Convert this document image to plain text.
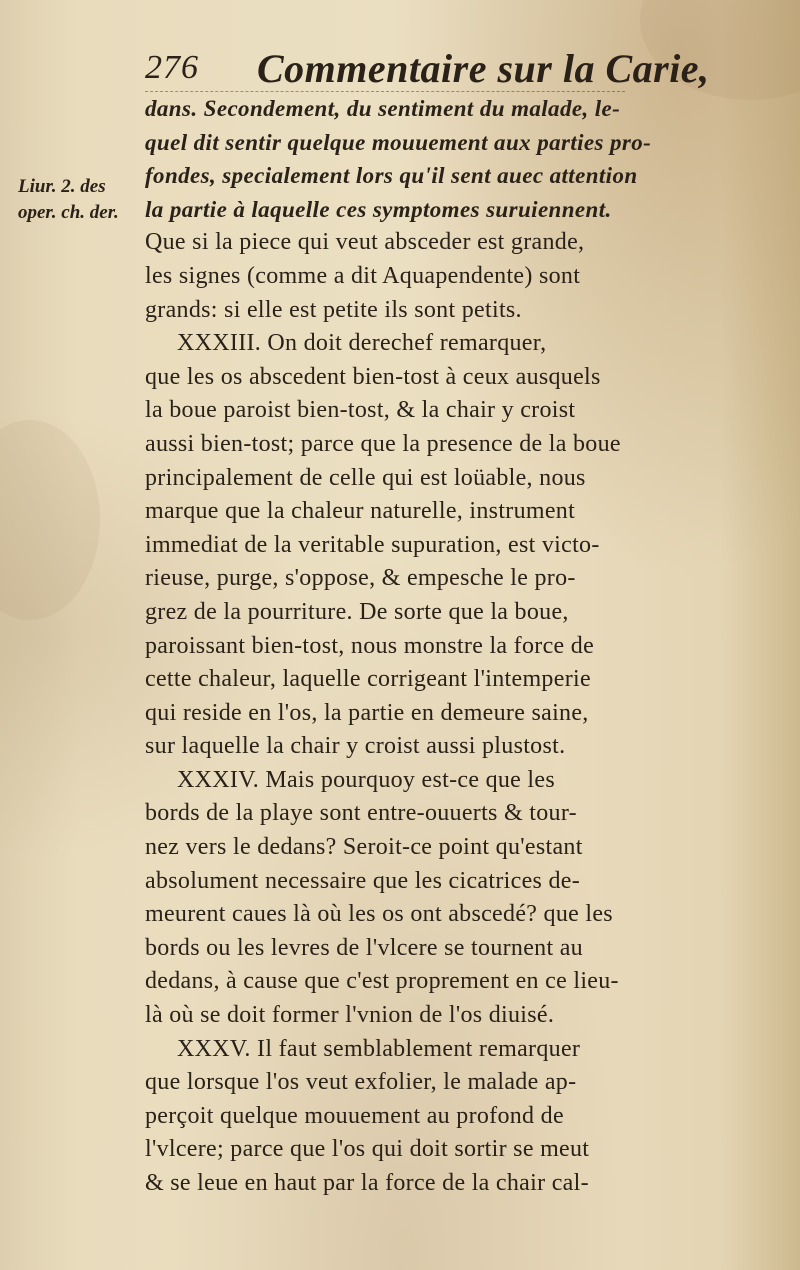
276 Commentaire sur la Carie,
Liur. 2. des
oper. ch. der.
dans. Secondement, du sentiment du malade, le-
quel dit sentir quelque mouuement aux parties pro-
fondes, specialement lors qu'il sent auec attention
la partie à laquelle ces symptomes suruiennent.
Que si la piece qui veut absceder est grande,
les signes (comme a dit Aquapendente) sont
grands: si elle est petite ils sont petits.
XXXIII. On doit derechef remarquer,
que les os abscedent bien-tost à ceux ausquels
la boue paroist bien-tost, & la chair y croist
aussi bien-tost; parce que la presence de la boue
principalement de celle qui est loüable, nous
marque que la chaleur naturelle, instrument
immediat de la veritable supuration, est victo-
rieuse, purge, s'oppose, & empesche le pro-
grez de la pourriture. De sorte que la boue,
paroissant bien-tost, nous monstre la force de
cette chaleur, laquelle corrigeant l'intemperie
qui reside en l'os, la partie en demeure saine,
sur laquelle la chair y croist aussi plustost.
XXXIV. Mais pourquoy est-ce que les
bords de la playe sont entre-ouuerts & tour-
nez vers le dedans? Seroit-ce point qu'estant
absolument necessaire que les cicatrices de-
meurent caues là où les os ont abscedé? que les
bords ou les levres de l'vlcere se tournent au
dedans, à cause que c'est proprement en ce lieu-
là où se doit former l'vnion de l'os diuisé.
XXXV. Il faut semblablement remarquer
que lorsque l'os veut exfolier, le malade ap-
perçoit quelque mouuement au profond de
l'vlcere; parce que l'os qui doit sortir se meut
& se leue en haut par la force de la chair cal-
